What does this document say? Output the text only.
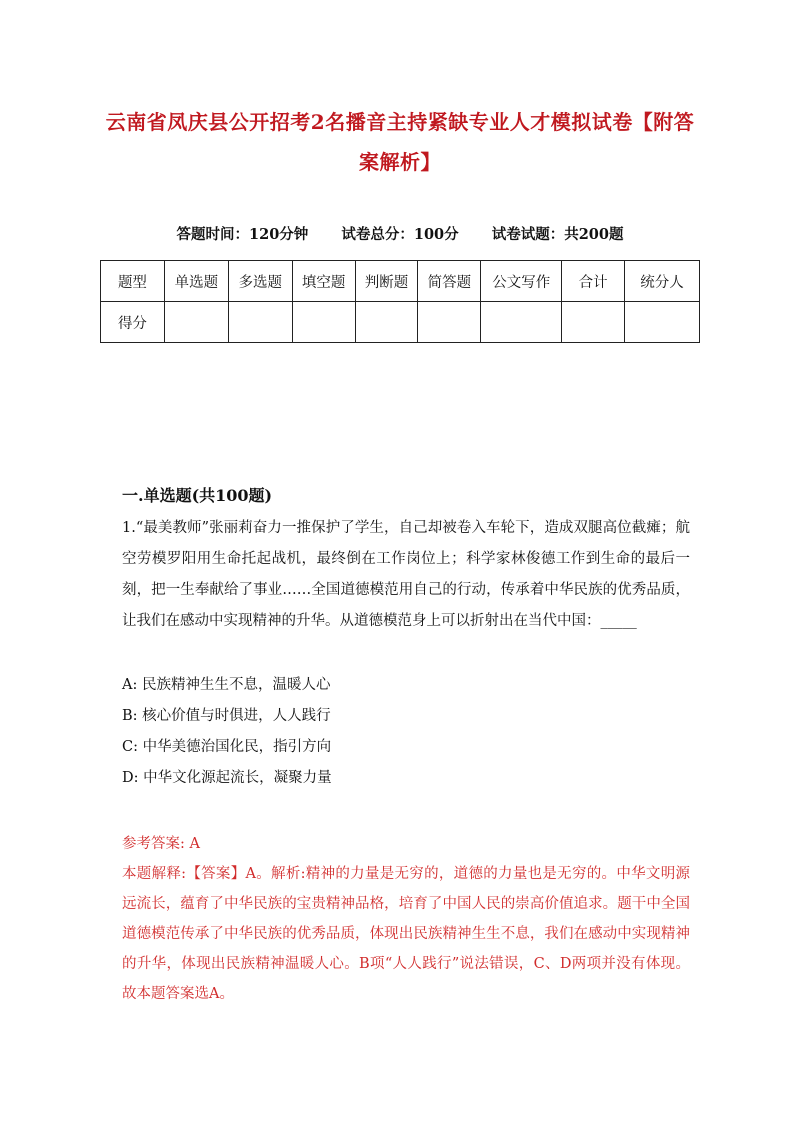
云南省凤庆县公开招考2名播音主持紧缺专业人才模拟试卷【附答
案解析】
答题时间：120分钟 试卷总分：100分 试卷试题：共200题
题型	单选题	多选题	填空题	判断题	简答题	公文写作	合计	统分人
得分								
一.单选题(共100题)
1.“最美教师”张丽莉奋力一推保护了学生，自己却被卷入车轮下，造成双腿高位截瘫；航空劳模罗阳用生命托起战机，最终倒在工作岗位上；科学家林俊德工作到生命的最后一刻，把一生奉献给了事业……全国道德模范用自己的行动，传承着中华民族的优秀品质，让我们在感动中实现精神的升华。从道德模范身上可以折射出在当代中国：_____
A: 民族精神生生不息，温暖人心
B: 核心价值与时俱进，人人践行
C: 中华美德治国化民，指引方向
D: 中华文化源起流长，凝聚力量

参考答案: A

本题解释:【答案】A。解析:精神的力量是无穷的，道德的力量也是无穷的。中华文明源远流长，蕴育了中华民族的宝贵精神品格，培育了中国人民的崇高价值追求。题干中全国道德模范传承了中华民族的优秀品质，体现出民族精神生生不息，我们在感动中实现精神的升华，体现出民族精神温暖人心。B项“人人践行”说法错误，C、D两项并没有体现。故本题答案选A。
